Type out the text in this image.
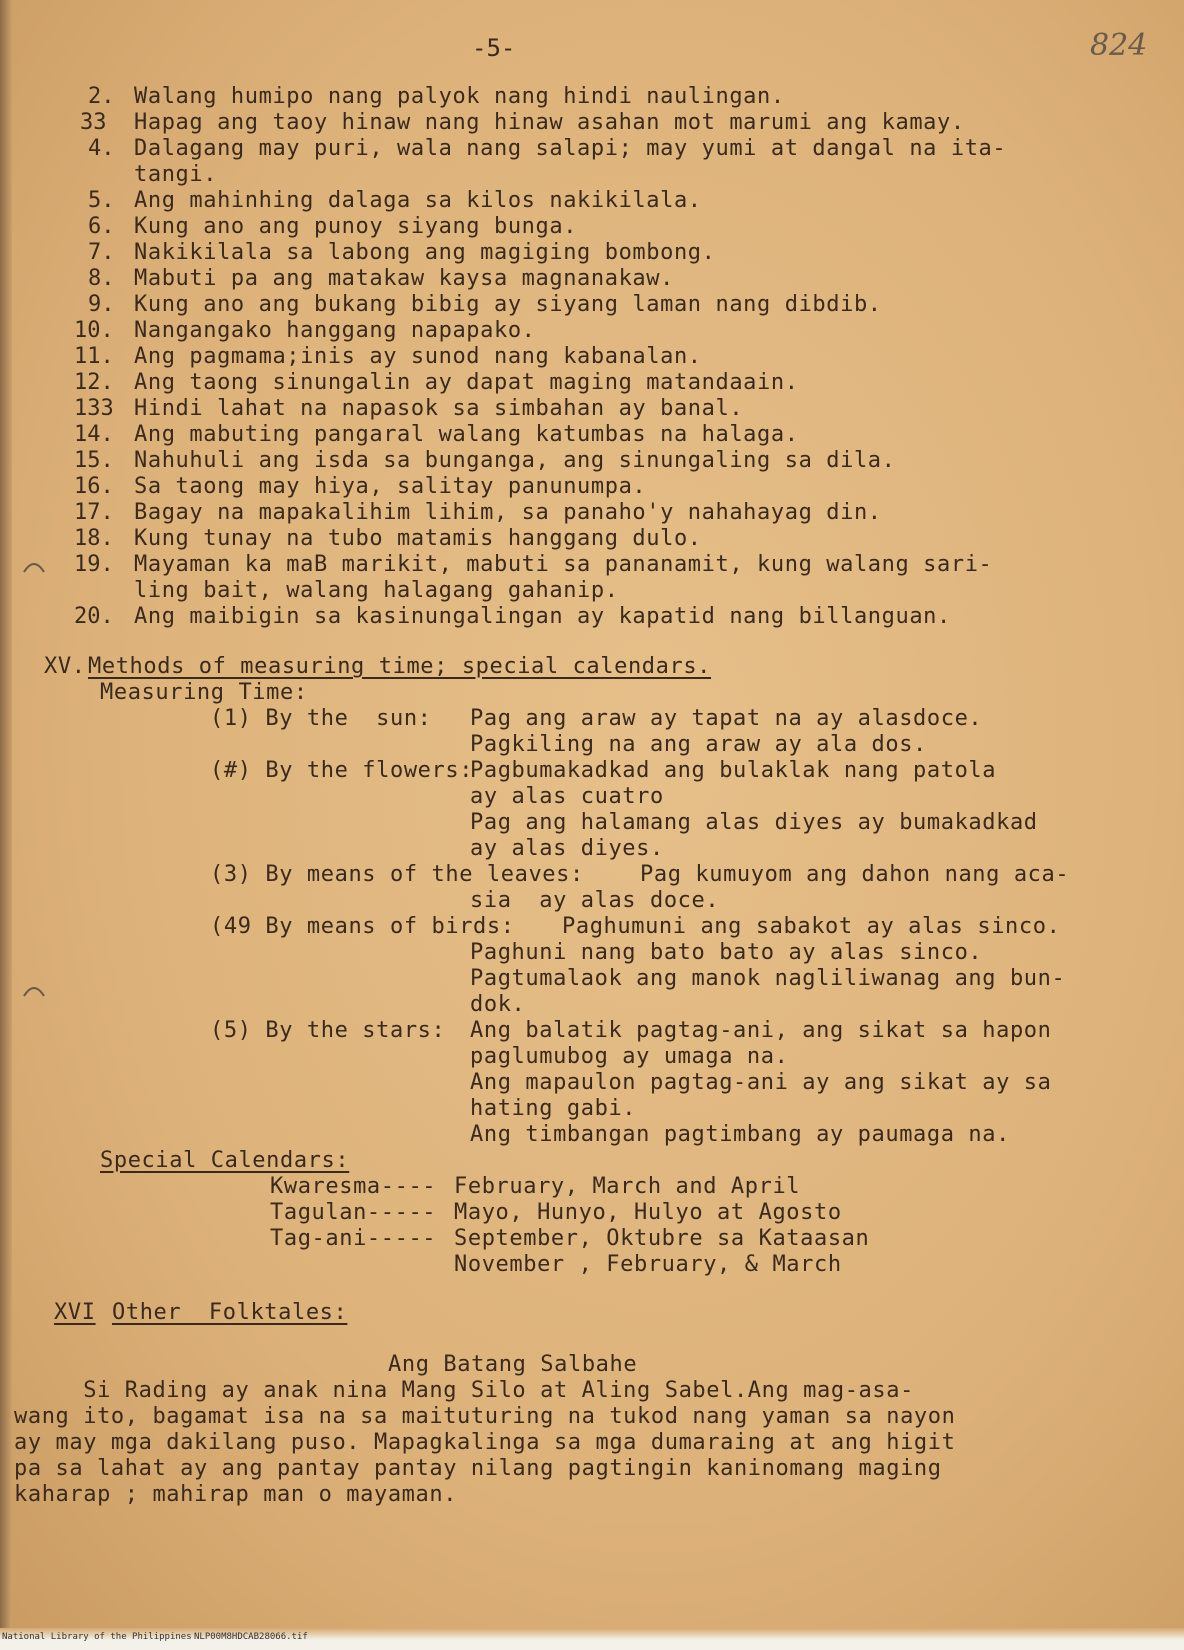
-5-	824
2. Walang humipo nang palyok nang hindi naulingan.
33 Hapag ang taoy hinaw nang hinaw asahan mot marumi ang kamay.
4. Dalagang may puri, wala nang salapi; may yumi at dangal na ita-
tangi.
5. Ang mahinhing dalaga sa kilos nakikilala.
6. Kung ano ang punoy siyang bunga.
7. Nakikilala sa labong ang magiging bombong.
8. Mabuti pa ang matakaw kaysa magnanakaw.
9. Kung ano ang bukang bibig ay siyang laman nang dibdib.
10. Nangangako hanggang napapako.
11. Ang pagmama;inis ay sunod nang kabanalan.
12. Ang taong sinungalin ay dapat maging matandaain.
133 Hindi lahat na napasok sa simbahan ay banal.
14. Ang mabuting pangaral walang katumbas na halaga.
15. Nahuhuli ang isda sa bunganga, ang sinungaling sa dila.
16. Sa taong may hiya, salitay panunumpa.
17. Bagay na mapakalihim lihim, sa panaho'y nahahayag din.
18. Kung tunay na tubo matamis hanggang dulo.
19. Mayaman ka maB marikit, mabuti sa pananamit, kung walang sari-
ling bait, walang halagang gahanip.
20. Ang maibigin sa kasinungalingan ay kapatid nang billanguan.
XV. Methods of measuring time; special calendars.
Measuring Time:
(1) By the  sun: Pag ang araw ay tapat na ay alasdoce.
Pagkiling na ang araw ay ala dos.
(#) By the flowers:
Pagbumakadkad ang bulaklak nang patola
ay alas cuatro
Pag ang halamang alas diyes ay bumakadkad
ay alas diyes.
(3) By means of the leaves:	Pag kumuyom ang dahon nang aca-
sia  ay alas doce.
(49 By means of birds: Paghumuni ang sabakot ay alas sinco.
Paghuni nang bato bato ay alas sinco.
Pagtumalaok ang manok nagliliwanag ang bun-
dok.
(5) By the stars: Ang balatik pagtag-ani, ang sikat sa hapon
paglumubog ay umaga na.
Ang mapaulon pagtag-ani ay ang sikat ay sa
hating gabi.
Ang timbangan pagtimbang ay paumaga na.
Special Calendars:
Kwaresma---- February, March and April
Tagulan----- Mayo, Hunyo, Hulyo at Agosto
Tag-ani----- September, Oktubre sa Kataasan
November , February, & March
XVI Other  Folktales:
Ang Batang Salbahe
Si Rading ay anak nina Mang Silo at Aling Sabel.Ang mag-asa-
wang ito, bagamat isa na sa maituturing na tukod nang yaman sa nayon
ay may mga dakilang puso. Mapagkalinga sa mga dumaraing at ang higit
pa sa lahat ay ang pantay pantay nilang pagtingin kaninomang maging
kaharap ; mahirap man o mayaman.
National Library of the Philippines NLP00M8HDCAB28066.tif
